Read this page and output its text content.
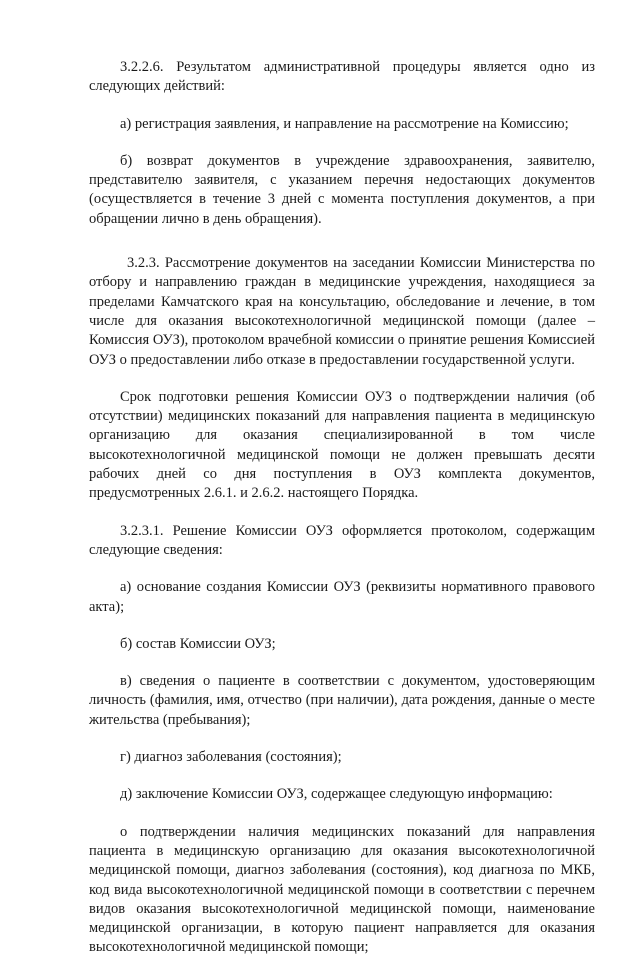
3.2.2.6. Результатом административной процедуры является одно из следующих действий:

а) регистрация заявления, и направление на рассмотрение на Комиссию;

б) возврат документов в учреждение здравоохранения, заявителю, представителю заявителя, с указанием перечня недостающих документов (осуществляется в течение 3 дней с момента поступления документов, а при обращении лично в день обращения).

3.2.3. Рассмотрение документов на заседании Комиссии Министерства по отбору и направлению граждан в медицинские учреждения, находящиеся за пределами Камчатского края на консультацию, обследование и лечение, в том числе для оказания высокотехнологичной медицинской помощи (далее – Комиссия ОУЗ), протоколом врачебной комиссии о принятие решения Комиссией ОУЗ о предоставлении либо отказе в предоставлении государственной услуги.

Срок подготовки решения Комиссии ОУЗ о подтверждении наличия (об отсутствии) медицинских показаний для направления пациента в медицинскую организацию для оказания специализированной в том числе высокотехнологичной медицинской помощи не должен превышать десяти рабочих дней со дня поступления в ОУЗ комплекта документов, предусмотренных 2.6.1. и 2.6.2. настоящего Порядка.

3.2.3.1. Решение Комиссии ОУЗ оформляется протоколом, содержащим следующие сведения:

а) основание создания Комиссии ОУЗ (реквизиты нормативного правового акта);

б) состав Комиссии ОУЗ;

в) сведения о пациенте в соответствии с документом, удостоверяющим личность (фамилия, имя, отчество (при наличии), дата рождения, данные о месте жительства (пребывания);

г) диагноз заболевания (состояния);

д) заключение Комиссии ОУЗ, содержащее следующую информацию:

о подтверждении наличия медицинских показаний для направления пациента в медицинскую организацию для оказания высокотехнологичной медицинской помощи, диагноз заболевания (состояния), код диагноза по МКБ, код вида высокотехнологичной медицинской помощи в соответствии с перечнем видов оказания высокотехнологичной медицинской помощи, наименование медицинской организации, в которую пациент направляется для оказания высокотехнологичной медицинской помощи;
